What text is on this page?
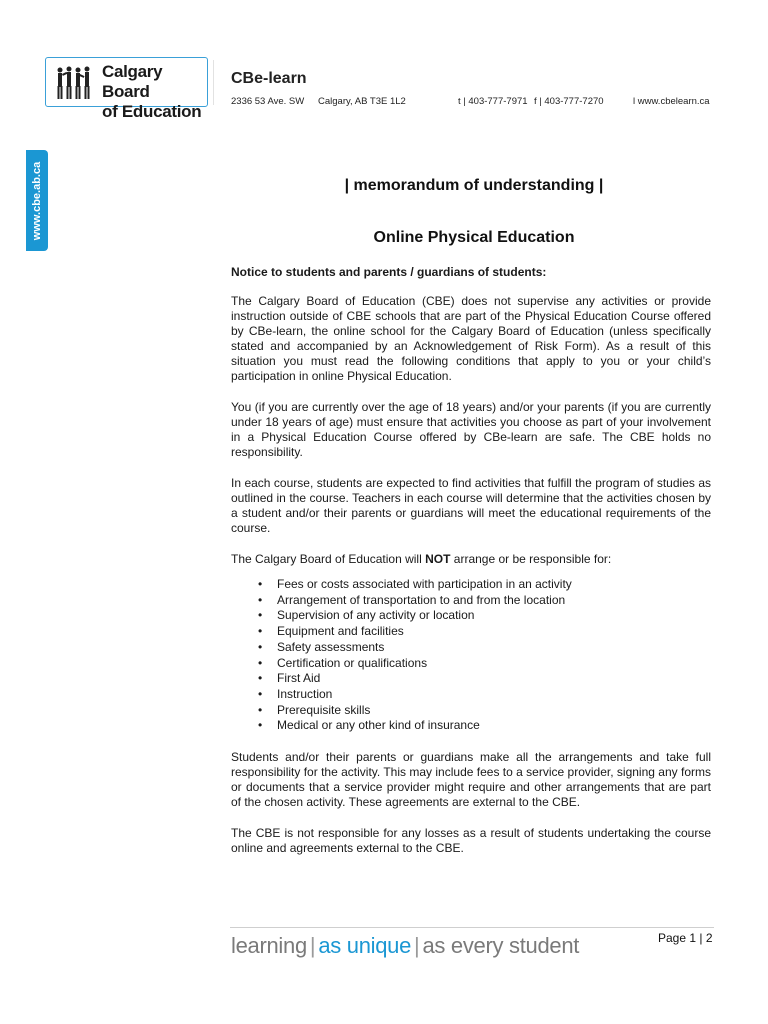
Calgary Board
of Education
CBe-learn
2336 53 Ave. SW Calgary, AB T3E 1L2	t | 403-777-7971 f | 403-777-7270	l www.cbelearn.ca
www.cbe.ab.ca	| memorandum of understanding |
Online Physical Education
Notice to students and parents / guardians of students:

The Calgary Board of Education (CBE) does not supervise any activities or provide instruction outside of CBE schools that are part of the Physical Education Course offered by CBe-learn, the online school for the Calgary Board of Education (unless specifically stated and accompanied by an Acknowledgement of Risk Form). As a result of this situation you must read the following conditions that apply to you or your child’s participation in online Physical Education.

You (if you are currently over the age of 18 years) and/or your parents (if you are currently under 18 years of age) must ensure that activities you choose as part of your involvement in a Physical Education Course offered by CBe-learn are safe. The CBE holds no responsibility.

In each course, students are expected to find activities that fulfill the program of studies as outlined in the course. Teachers in each course will determine that the activities chosen by a student and/or their parents or guardians will meet the educational requirements of the course.

The Calgary Board of Education will NOT arrange or be responsible for:

• Fees or costs associated with participation in an activity
• Arrangement of transportation to and from the location
• Supervision of any activity or location
• Equipment and facilities
• Safety assessments
• Certification or qualifications
• First Aid
• Instruction
• Prerequisite skills
• Medical or any other kind of insurance

Students and/or their parents or guardians make all the arrangements and take full responsibility for the activity. This may include fees to a service provider, signing any forms or documents that a service provider might require and other arrangements that are part of the chosen activity. These agreements are external to the CBE.

The CBE is not responsible for any losses as a result of students undertaking the course online and agreements external to the CBE.

learning | as unique | as every student	Page 1 | 2
